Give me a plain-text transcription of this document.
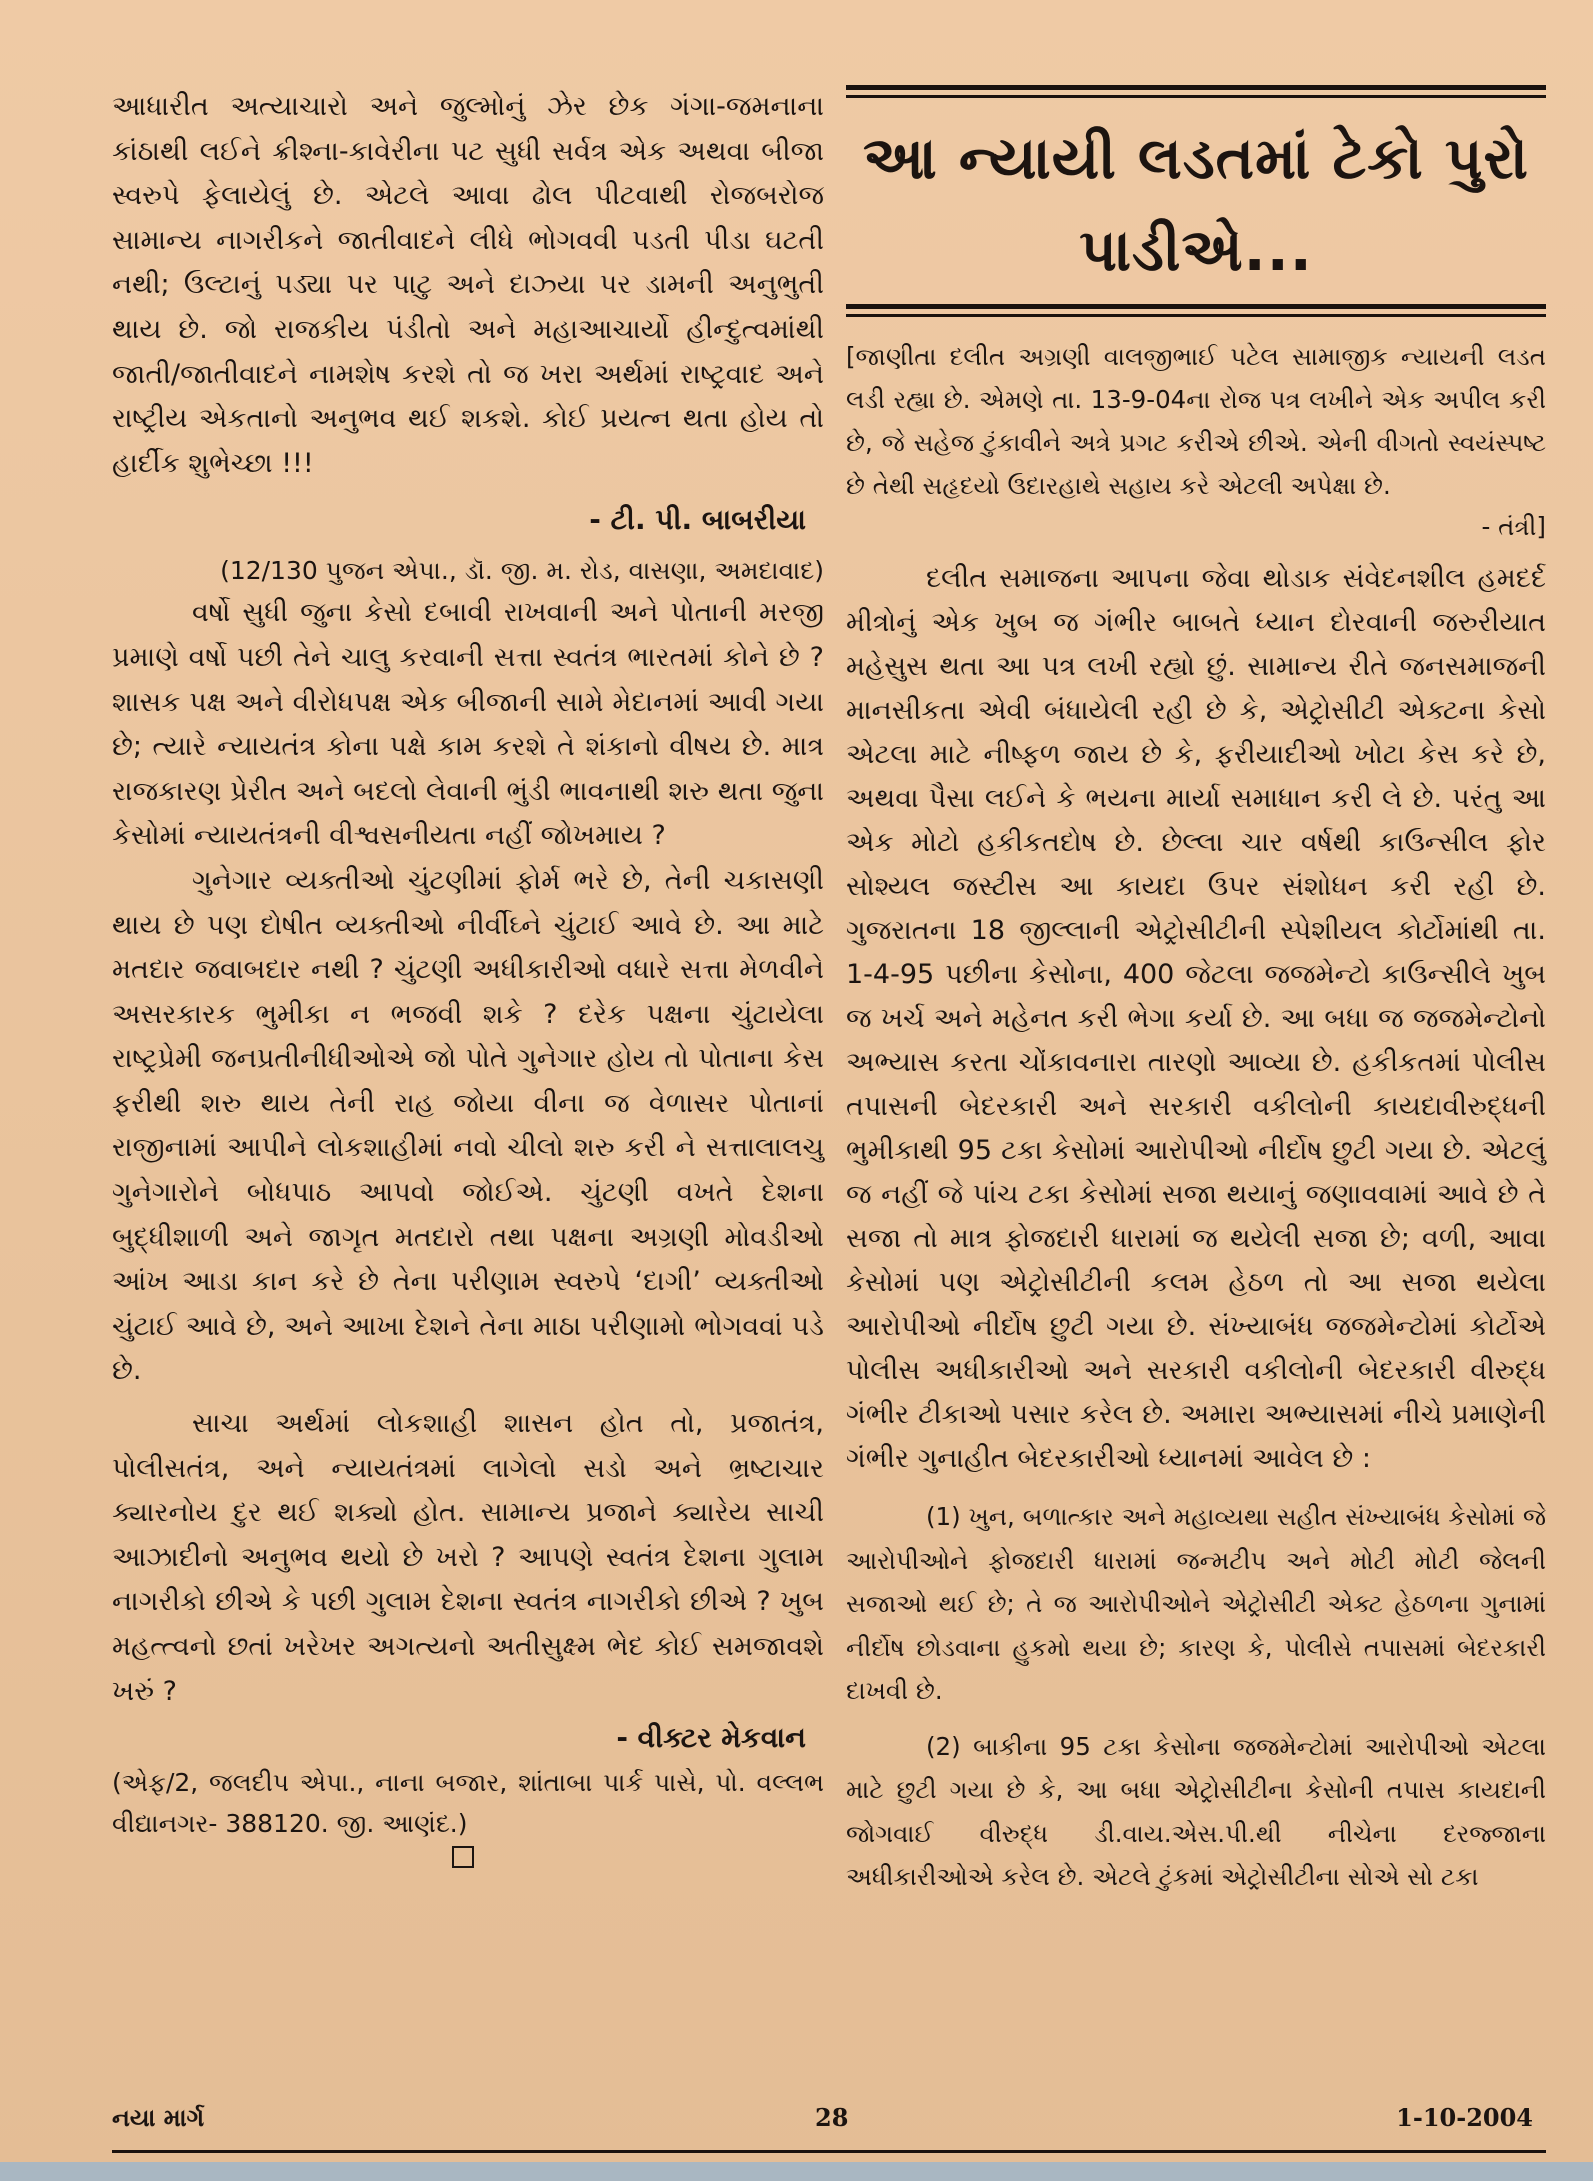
આધારીત અત્યાચારો અને જુલ્મોનું ઝેર છેક ગંગા-જમનાના કાંઠાથી લઈને ક્રીશ્ના-કાવેરીના પટ સુધી સર્વત્ર એક અથવા બીજા સ્વરુપે ફેલાયેલું છે. એટલે આવા ઢોલ પીટવાથી રોજબરોજ સામાન્ય નાગરીકને જાતીવાદને લીધે ભોગવવી પડતી પીડા ઘટતી નથી; ઉલ્ટાનું પડ્યા પર પાટુ અને દાઝ્યા પર ડામની અનુભુતી થાય છે. જો રાજકીય પંડીતો અને મહાઆચાર્યો હીન્દુત્વમાંથી જાતી/જાતીવાદને નામશેષ કરશે તો જ ખરા અર્થમાં રાષ્ટ્રવાદ અને રાષ્ટ્રીય એકતાનો અનુભવ થઈ શકશે. કોઈ પ્રયત્ન થતા હોય તો હાર્દીક શુભેચ્છા !!!

- ટી. પી. બાબરીયા

(12/130 પુજન એપા., ડૉ. જી. મ. રોડ, વાસણા, અમદાવાદ)

વર્ષો સુધી જુના કેસો દબાવી રાખવાની અને પોતાની મરજી પ્રમાણે વર્ષો પછી તેને ચાલુ કરવાની સત્તા સ્વતંત્ર ભારતમાં કોને છે ? શાસક પક્ષ અને વીરોધપક્ષ એક બીજાની સામે મેદાનમાં આવી ગયા છે; ત્યારે ન્યાયતંત્ર કોના પક્ષે કામ કરશે તે શંકાનો વીષય છે. માત્ર રાજકારણ પ્રેરીત અને બદલો લેવાની ભુંડી ભાવનાથી શરુ થતા જુના કેસોમાં ન્યાયતંત્રની વીશ્વસનીયતા નહીં જોખમાય ?

ગુનેગાર વ્યક્તીઓ ચુંટણીમાં ફોર્મ ભરે છે, તેની ચકાસણી થાય છે પણ દોષીત વ્યક્તીઓ નીર્વીઘ્ને ચુંટાઈ આવે છે. આ માટે મતદાર જવાબદાર નથી ? ચુંટણી અધીકારીઓ વધારે સત્તા મેળવીને અસરકારક ભુમીકા ન ભજવી શકે ? દરેક પક્ષના ચુંટાયેલા રાષ્ટ્રપ્રેમી જનપ્રતીનીધીઓએ જો પોતે ગુનેગાર હોય તો પોતાના કેસ ફરીથી શરુ થાય તેની રાહ જોયા વીના જ વેળાસર પોતાનાં રાજીનામાં આપીને લોકશાહીમાં નવો ચીલો શરુ કરી ને સત્તાલાલચુ ગુનેગારોને બોધપાઠ આપવો જોઈએ. ચુંટણી વખતે દેશના બુદ્ધીશાળી અને જાગૃત મતદારો તથા પક્ષના અગ્રણી મોવડીઓ આંખ આડા કાન કરે છે તેના પરીણામ સ્વરુપે ‘દાગી’ વ્યક્તીઓ ચુંટાઈ આવે છે, અને આખા દેશને તેના માઠા પરીણામો ભોગવવાં પડે છે.

સાચા અર્થમાં લોકશાહી શાસન હોત તો, પ્રજાતંત્ર, પોલીસતંત્ર, અને ન્યાયતંત્રમાં લાગેલો સડો અને ભ્રષ્ટાચાર ક્યારનોય દુર થઈ શક્યો હોત. સામાન્ય પ્રજાને ક્યારેય સાચી આઝાદીનો અનુભવ થયો છે ખરો ? આપણે સ્વતંત્ર દેશના ગુલામ નાગરીકો છીએ કે પછી ગુલામ દેશના સ્વતંત્ર નાગરીકો છીએ ? ખુબ મહત્ત્વનો છતાં ખરેખર અગત્યનો અતીસુક્ષ્મ ભેદ કોઈ સમજાવશે ખરું ?

- વીક્ટર મેકવાન

(એફ/2, જલદીપ એપા., નાના બજાર, શાંતાબા પાર્ક પાસે, પો. વલ્લભ વીદ્યાનગર- 388120. જી. આણંદ.)

આ ન્યાયી લડતમાં ટેકો પુરો પાડીએ...

[જાણીતા દલીત અગ્રણી વાલજીભાઈ પટેલ સામાજીક ન્યાયની લડત લડી રહ્યા છે. એમણે તા. 13-9-04ના રોજ પત્ર લખીને એક અપીલ કરી છે, જે સહેજ ટુંકાવીને અત્રે પ્રગટ કરીએ છીએ. એની વીગતો સ્વયંસ્પષ્ટ છે તેથી સહૃદયો ઉદારહાથે સહાય કરે એટલી અપેક્ષા છે.

- તંત્રી]

દલીત સમાજના આપના જેવા થોડાક સંવેદનશીલ હમદર્દ મીત્રોનું એક ખુબ જ ગંભીર બાબતે ધ્યાન દોરવાની જરુરીયાત મહેસુસ થતા આ પત્ર લખી રહ્યો છું. સામાન્ય રીતે જનસમાજની માનસીકતા એવી બંધાયેલી રહી છે કે, એટ્રોસીટી એક્ટના કેસો એટલા માટે નીષ્ફળ જાય છે કે, ફરીયાદીઓ ખોટા કેસ કરે છે, અથવા પૈસા લઈને કે ભયના માર્યા સમાધાન કરી લે છે. પરંતુ આ એક મોટો હકીકતદોષ છે. છેલ્લા ચાર વર્ષથી કાઉન્સીલ ફોર સોશ્યલ જસ્ટીસ આ કાયદા ઉપર સંશોધન કરી રહી છે. ગુજરાતના 18 જીલ્લાની એટ્રોસીટીની સ્પેશીયલ કોર્ટોમાંથી તા. 1-4-95 પછીના કેસોના, 400 જેટલા જજમેન્ટો કાઉન્સીલે ખુબ જ ખર્ચ અને મહેનત કરી ભેગા કર્યા છે. આ બધા જ જજમેન્ટોનો અભ્યાસ કરતા ચોંકાવનારા તારણો આવ્યા છે. હકીકતમાં પોલીસ તપાસની બેદરકારી અને સરકારી વકીલોની કાયદાવીરુદ્ધની ભુમીકાથી 95 ટકા કેસોમાં આરોપીઓ નીર્દોષ છુટી ગયા છે. એટલું જ નહીં જે પાંચ ટકા કેસોમાં સજા થયાનું જણાવવામાં આવે છે તે સજા તો માત્ર ફોજદારી ધારામાં જ થયેલી સજા છે; વળી, આવા કેસોમાં પણ એટ્રોસીટીની કલમ હેઠળ તો આ સજા થયેલા આરોપીઓ નીર્દોષ છુટી ગયા છે. સંખ્યાબંધ જજમેન્ટોમાં કોર્ટોએ પોલીસ અધીકારીઓ અને સરકારી વકીલોની બેદરકારી વીરુદ્ધ ગંભીર ટીકાઓ પસાર કરેલ છે. અમારા અભ્યાસમાં નીચે પ્રમાણેની ગંભીર ગુનાહીત બેદરકારીઓ ધ્યાનમાં આવેલ છે :

(1) ખુન, બળાત્કાર અને મહાવ્યથા સહીત સંખ્યાબંધ કેસોમાં જે આરોપીઓને ફોજદારી ધારામાં જન્મટીપ અને મોટી મોટી જેલની સજાઓ થઈ છે; તે જ આરોપીઓને એટ્રોસીટી એક્ટ હેઠળના ગુનામાં નીર્દોષ છોડવાના હુકમો થયા છે; કારણ કે, પોલીસે તપાસમાં બેદરકારી દાખવી છે.

(2) બાકીના 95 ટકા કેસોના જજમેન્ટોમાં આરોપીઓ એટલા માટે છુટી ગયા છે કે, આ બધા એટ્રોસીટીના કેસોની તપાસ કાયદાની જોગવાઈ વીરુદ્ધ ડી.વાય.એસ.પી.થી નીચેના દરજ્જાના અધીકારીઓએ કરેલ છે. એટલે ટુંકમાં એટ્રોસીટીના સોએ સો ટકા

નયા માર્ગ	28	1-10-2004
